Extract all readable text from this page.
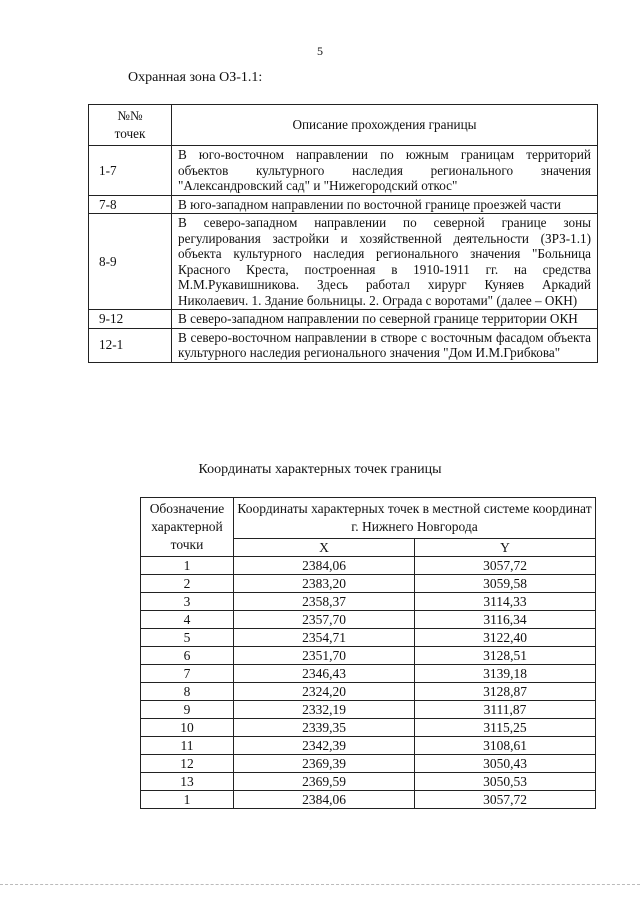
5
Охранная зона ОЗ-1.1:
№№
точек	Описание прохождения границы
1-7	В юго-восточном направлении по южным границам территорий объектов культурного наследия регионального значения "Александровский сад" и "Нижегородский откос"
7-8	В юго-западном направлении по восточной границе проезжей части
8-9	В северо-западном направлении по северной границе зоны регулирования застройки и хозяйственной деятельности (ЗРЗ-1.1) объекта культурного наследия регионального значения "Больница Красного Креста, построенная в 1910-1911 гг. на средства М.М.Рукавишникова. Здесь работал хирург Куняев Аркадий Николаевич. 1. Здание больницы. 2. Ограда с воротами" (далее – ОКН)
9-12	В северо-западном направлении по северной границе территории ОКН
12-1	В северо-восточном направлении в створе с восточным фасадом объекта культурного наследия регионального значения "Дом И.М.Грибкова"
Координаты характерных точек границы
Обозначение характерной точки	Координаты характерных точек в местной системе координат г. Нижнего Новгорода	
	X	Y
1	2384,06	3057,72
2	2383,20	3059,58
3	2358,37	3114,33
4	2357,70	3116,34
5	2354,71	3122,40
6	2351,70	3128,51
7	2346,43	3139,18
8	2324,20	3128,87
9	2332,19	3111,87
10	2339,35	3115,25
11	2342,39	3108,61
12	2369,39	3050,43
13	2369,59	3050,53
1	2384,06	3057,72
